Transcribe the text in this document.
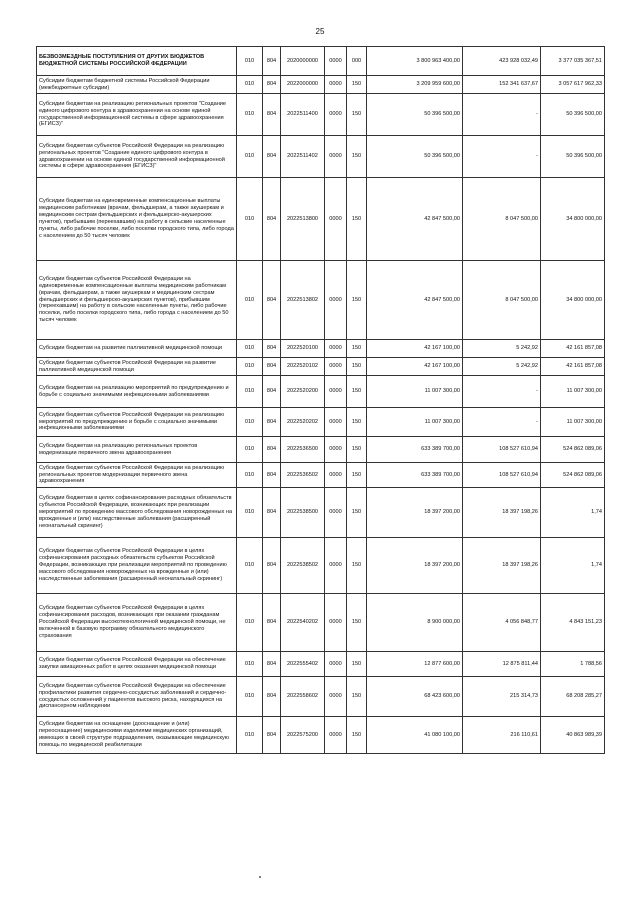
25
БЕЗВОЗМЕЗДНЫЕ ПОСТУПЛЕНИЯ ОТ ДРУГИХ БЮДЖЕТОВ БЮДЖЕТНОЙ СИСТЕМЫ РОССИЙСКОЙ ФЕДЕРАЦИИ	010	804	2020000000	0000	000	3 800 963 400,00	423 928 032,49	3 377 035 367,51
Субсидии бюджетам бюджетной системы Российской Федерации (межбюджетные субсидии)	010	804	2022000000	0000	150	3 209 959 600,00	152 341 637,67	3 057 617 962,33
Субсидии бюджетам на реализацию региональных проектов "Создание единого цифрового контура в здравоохранении на основе единой государственной информационной системы в сфере здравоохранения (ЕГИСЗ)"	010	804	2022511400	0000	150	50 396 500,00	-	50 396 500,00
Субсидии бюджетам субъектов Российской Федерации на реализацию региональных проектов "Создание единого цифрового контура в здравоохранении на основе единой государственной информационной системы в сфере здравоохранения (ЕГИСЗ)"	010	804	2022511402	0000	150	50 396 500,00	-	50 396 500,00
Субсидии бюджетам на единовременные компенсационные выплаты медицинским работникам (врачам, фельдшерам, а также акушеркам и медицинским сестрам фельдшерских и фельдшерско-акушерских пунктов), прибывшим (переехавшим) на работу в сельские населенные пункты, либо рабочие поселки, либо поселки городского типа, либо города с населением до 50 тысяч человек	010	804	2022513800	0000	150	42 847 500,00	8 047 500,00	34 800 000,00
Субсидии бюджетам субъектов Российской Федерации на единовременные компенсационные выплаты медицинским работникам (врачам, фельдшерам, а также акушеркам и медицинским сестрам фельдшерских и фельдшерско-акушерских пунктов), прибывшим (переехавшим) на работу в сельские населенные пункты, либо рабочие поселки, либо поселки городского типа, либо города с населением до 50 тысяч человек	010	804	2022513802	0000	150	42 847 500,00	8 047 500,00	34 800 000,00
Субсидии бюджетам на развитие паллиативной медицинской помощи	010	804	2022520100	0000	150	42 167 100,00	5 242,92	42 161 857,08
Субсидии бюджетам субъектов Российской Федерации на развитие паллиативной медицинской помощи	010	804	2022520102	0000	150	42 167 100,00	5 242,92	42 161 857,08
Субсидии бюджетам на реализацию мероприятий по предупреждению и борьбе с социально значимыми инфекционными заболеваниями	010	804	2022520200	0000	150	11 007 300,00	-	11 007 300,00
Субсидии бюджетам субъектов Российской Федерации на реализацию мероприятий по предупреждению и борьбе с социально значимыми инфекционными заболеваниями	010	804	2022520202	0000	150	11 007 300,00	-	11 007 300,00
Субсидии бюджетам на реализацию региональных проектов модернизации первичного звена здравоохранения	010	804	2022536500	0000	150	633 389 700,00	108 527 610,94	524 862 089,06
Субсидии бюджетам субъектов Российской Федерации на реализацию региональных проектов модернизации первичного звена здравоохранения	010	804	2022536502	0000	150	633 389 700,00	108 527 610,94	524 862 089,06
Субсидии бюджетам в целях софинансирования расходных обязательств субъектов Российской Федерации, возникающих при реализации мероприятий по проведению массового обследования новорожденных на врожденные и (или) наследственные заболевания (расширенный неонатальный скрининг)	010	804	2022538500	0000	150	18 397 200,00	18 397 198,26	1,74
Субсидии бюджетам субъектов Российской Федерации в целях софинансирования расходных обязательств субъектов Российской Федерации, возникающих при реализации мероприятий по проведению массового обследования новорожденных на врожденные и (или) наследственные заболевания (расширенный неонатальный скрининг)	010	804	2022538502	0000	150	18 397 200,00	18 397 198,26	1,74
Субсидии бюджетам субъектов Российской Федерации в целях софинансирования расходов, возникающих при оказании гражданам Российской Федерации высокотехнологичной медицинской помощи, не включенной в базовую программу обязательного медицинского страхования	010	804	2022540202	0000	150	8 900 000,00	4 056 848,77	4 843 151,23
Субсидии бюджетам субъектов Российской Федерации на обеспечение закупки авиационных работ в целях оказания медицинской помощи	010	804	2022555402	0000	150	12 877 600,00	12 875 811,44	1 788,56
Субсидии бюджетам субъектов Российской Федерации на обеспечение профилактики развития сердечно-сосудистых заболеваний и сердечно-сосудистых осложнений у пациентов высокого риска, находящихся на диспансерном наблюдении	010	804	2022558602	0000	150	68 423 600,00	215 314,73	68 208 285,27
Субсидии бюджетам на оснащение (дооснащение и (или) переоснащение) медицинскими изделиями медицинских организаций, имеющих в своей структуре подразделения, оказывающие медицинскую помощь по медицинской реабилитации	010	804	2022575200	0000	150	41 080 100,00	216 110,61	40 863 989,39
